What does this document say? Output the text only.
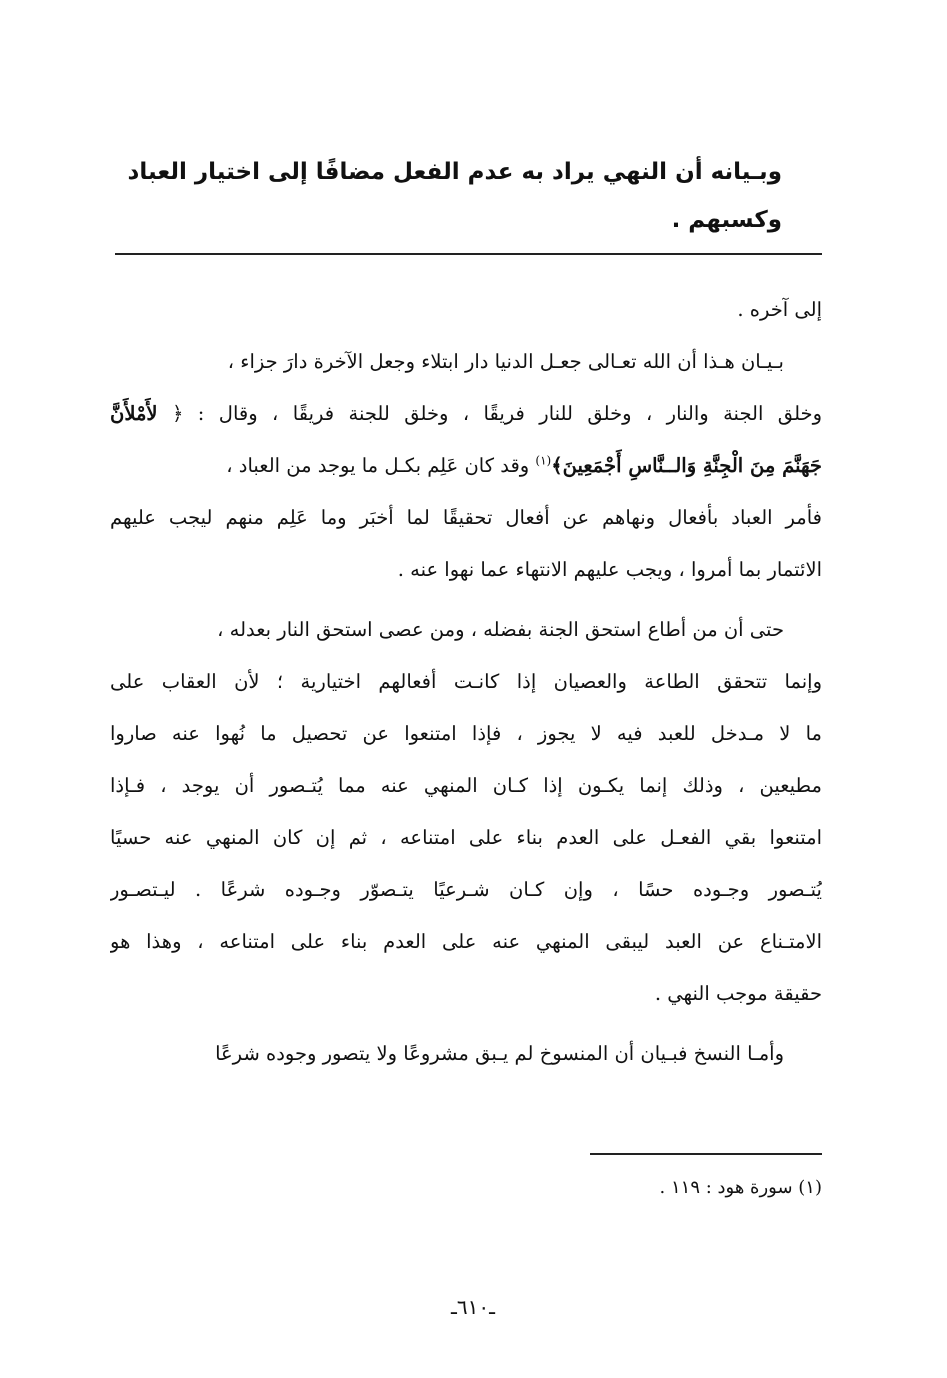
وبـيانه أن النهي يراد به عدم الفعل مضافًا إلى اختيار العباد وكسبهم .
إلى آخره .
بـيـان هـذا أن الله تعـالى جعـل الدنيا دار ابتلاء وجعل الآخرة دارَ جزاء ،
وخلق الجنة والنار ، وخلق للنار فريقًا ، وخلق للجنة فريقًا ، وقال : ﴿ لأَمْلأَنَّ
جَهَنَّمَ مِنَ الْجِنَّةِ وَالــنَّاسِ أَجْمَعِينَ﴾$^{(١)}$ وقد كان عَلِم بكـل ما يوجد من العباد ،
فأمر العباد بأفعال ونهاهم عن أفعال تحقيقًا لما أخبَر وما عَلِم منهم ليجب عليهم
الائتمار بما أمروا ، ويجب عليهم الانتهاء عما نهوا عنه .
حتى أن من أطاع استحق الجنة بفضله ، ومن عصى استحق النار بعدله ،
وإنما تتحقق الطاعة والعصيان إذا كانـت أفعالهم اختيارية ؛ لأن العقاب على
ما لا مـدخل للعبد فيه لا يجوز ، فإذا امتنعوا عن تحصيل ما نُهوا عنه صاروا
مطيعين ، وذلك إنما يكـون إذا كـان المنهي عنه مما يُتـصور أن يوجد ، فـإذا
امتنعوا بقي الفعـل على العدم بناء على امتناعه ، ثم إن كان المنهي عنه حسيًا
يُتـصور وجـوده حسًا ، وإن كـان شـرعيًا يتـصوّر وجـوده شرعًا . ليـتصـور
الامتـناع عن العبد ليبقى المنهي عنه على العدم بناء على امتناعه ، وهذا هو
حقيقة موجب النهي .
وأمـا النسخ فبـيان أن المنسوخ لم يـبق مشروعًا ولا يتصور وجوده شرعًا
(١) سورة هود : ١١٩ .
ـ٦١٠ـ
